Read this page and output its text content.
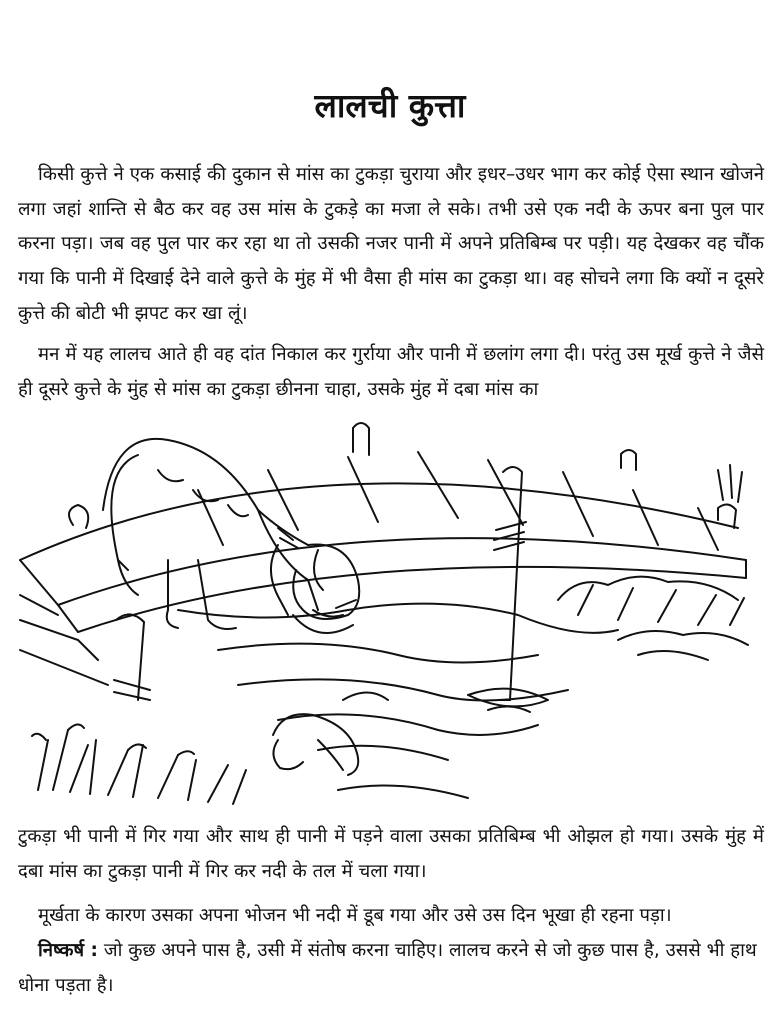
लालची कुत्ता

किसी कुत्ते ने एक कसाई की दुकान से मांस का टुकड़ा चुराया और इधर–उधर भाग कर कोई ऐसा स्थान खोजने लगा जहां शान्ति से बैठ कर वह उस मांस के टुकड़े का मजा ले सके। तभी उसे एक नदी के ऊपर बना पुल पार करना पड़ा। जब वह पुल पार कर रहा था तो उसकी नजर पानी में अपने प्रतिबिम्ब पर पड़ी। यह देखकर वह चौंक गया कि पानी में दिखाई देने वाले कुत्ते के मुंह में भी वैसा ही मांस का टुकड़ा था। वह सोचने लगा कि क्यों न दूसरे कुत्ते की बोटी भी झपट कर खा लूं।

मन में यह लालच आते ही वह दांत निकाल कर गुर्राया और पानी में छलांग लगा दी। परंतु उस मूर्ख कुत्ते ने जैसे ही दूसरे कुत्ते के मुंह से मांस का टुकड़ा छीनना चाहा, उसके मुंह में दबा मांस का

टुकड़ा भी पानी में गिर गया और साथ ही पानी में पड़ने वाला उसका प्रतिबिम्ब भी ओझल हो गया। उसके मुंह में दबा मांस का टुकड़ा पानी में गिर कर नदी के तल में चला गया।

मूर्खता के कारण उसका अपना भोजन भी नदी में डूब गया और उसे उस दिन भूखा ही रहना पड़ा।

निष्कर्ष : जो कुछ अपने पास है, उसी में संतोष करना चाहिए। लालच करने से जो कुछ पास है, उससे भी हाथ धोना पड़ता है।
